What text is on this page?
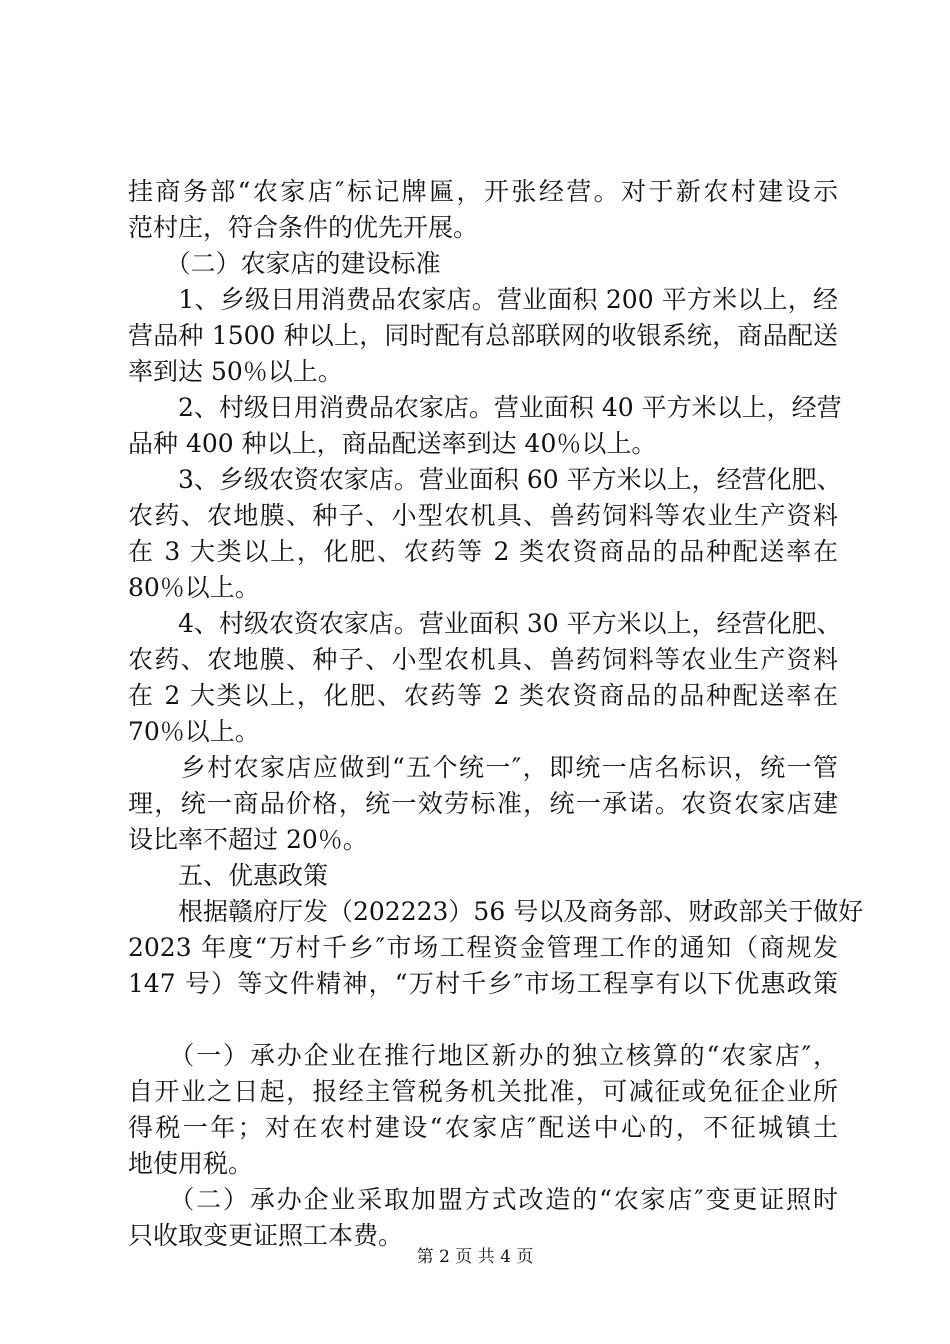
挂商务部“农家店″标记牌匾，开张经营。对于新农村建设示
范村庄，符合条件的优先开展。
　　（二）农家店的建设标准
　　1、乡级日用消费品农家店。营业面积 200 平方米以上，经
营品种 1500 种以上，同时配有总部联网的收银系统，商品配送
率到达 50％以上。
　　2、村级日用消费品农家店。营业面积 40 平方米以上，经营
品种 400 种以上，商品配送率到达 40％以上。
　　3、乡级农资农家店。营业面积 60 平方米以上，经营化肥、
农药、农地膜、种子、小型农机具、兽药饲料等农业生产资料
在 3 大类以上，化肥、农药等 2 类农资商品的品种配送率在
80％以上。
　　4、村级农资农家店。营业面积 30 平方米以上，经营化肥、
农药、农地膜、种子、小型农机具、兽药饲料等农业生产资料
在 2 大类以上，化肥、农药等 2 类农资商品的品种配送率在
70％以上。
　　乡村农家店应做到“五个统一″，即统一店名标识，统一管
理，统一商品价格，统一效劳标准，统一承诺。农资农家店建
设比率不超过 20％。
　　五、优惠政策
　　根据赣府厅发（202223）56 号以及商务部、财政部关于做好
2023 年度“万村千乡″市场工程资金管理工作的通知（商规发
147 号）等文件精神，“万村千乡″市场工程享有以下优惠政策
　　（一）承办企业在推行地区新办的独立核算的“农家店″，
自开业之日起，报经主管税务机关批准，可减征或免征企业所
得税一年；对在农村建设“农家店″配送中心的，不征城镇土
地使用税。
　　（二）承办企业采取加盟方式改造的“农家店″变更证照时
只收取变更证照工本费。
第 2 页 共 4 页
